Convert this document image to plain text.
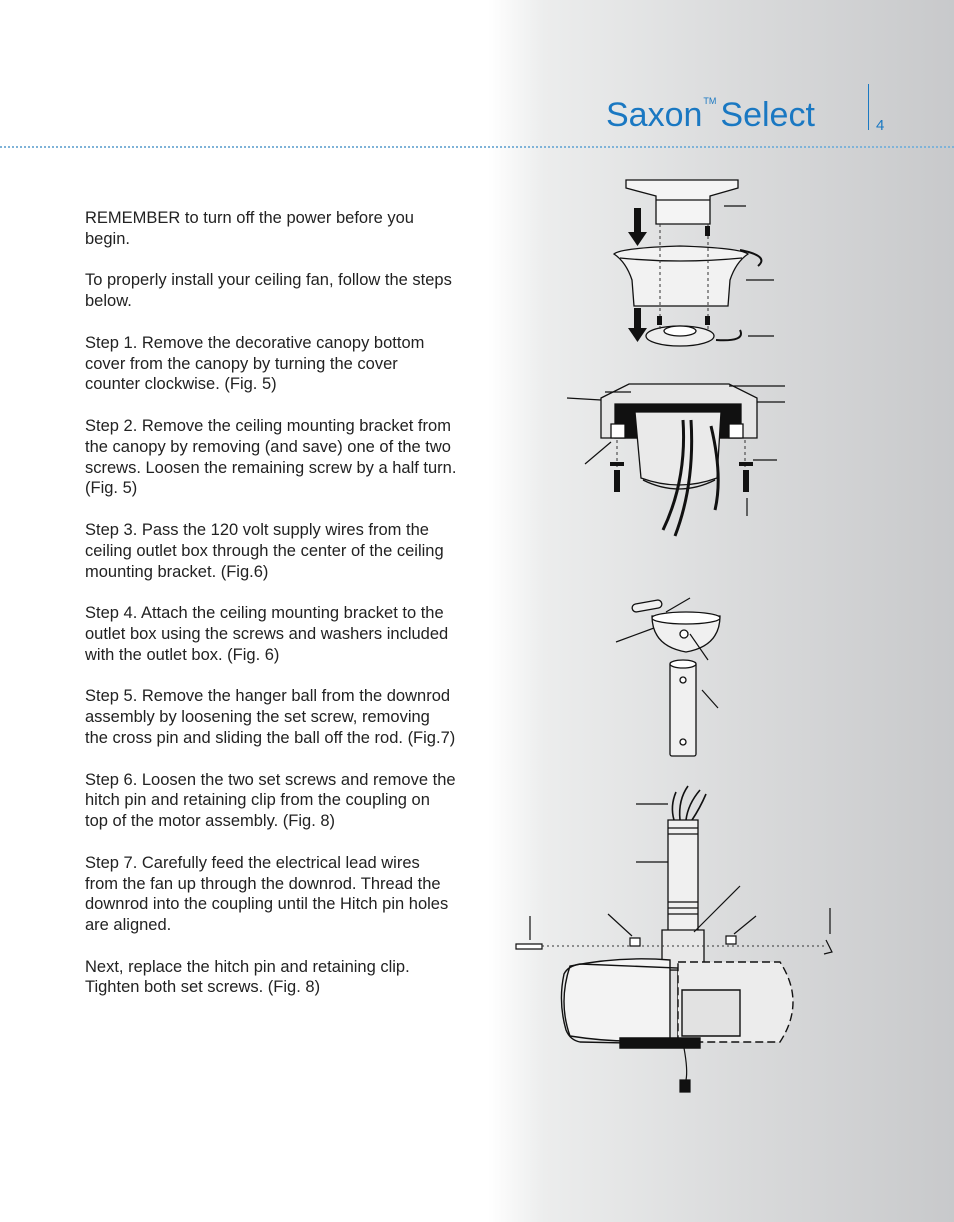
Saxon™ Select	4

REMEMBER to turn off the power before you begin.

To properly install your ceiling fan, follow the steps below.

Step 1. Remove the decorative canopy bottom cover from the canopy by turning the cover counter clockwise. (Fig. 5)

Step 2. Remove the ceiling mounting bracket from the canopy by removing (and save) one of the two screws. Loosen the remaining screw by a half turn. (Fig. 5)

Step 3. Pass the 120 volt supply wires from the ceiling outlet box through the center of the ceiling mounting bracket. (Fig.6)

Step 4. Attach the ceiling mounting bracket to the outlet box using the screws and washers included with the outlet box. (Fig. 6)

Step 5. Remove the hanger ball from the downrod assembly by loosening the set screw, removing the cross pin and sliding the ball off the rod. (Fig.7)

Step 6. Loosen the two set screws and remove the hitch pin and retaining clip from the coupling on top of the motor assembly. (Fig. 8)

Step 7. Carefully feed the electrical lead wires from the fan up through the downrod. Thread the downrod into the coupling until the Hitch pin holes are aligned.

Next, replace the hitch pin and retaining clip. Tighten both set screws. (Fig. 8)
